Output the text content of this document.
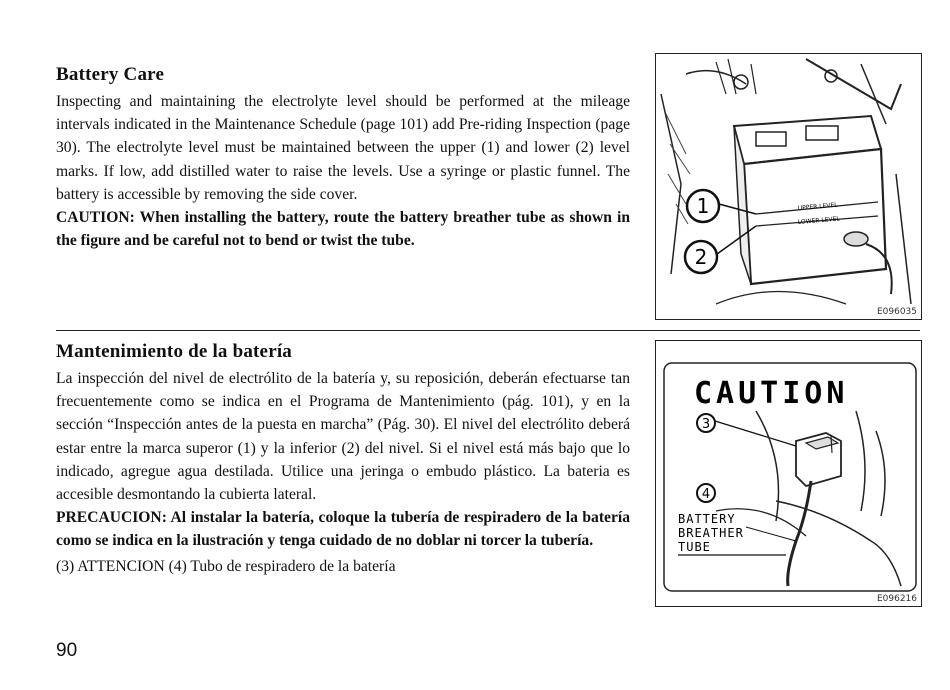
Battery Care

Inspecting and maintaining the electrolyte level should be performed at the mileage intervals indicated in the Maintenance Schedule (page 101) add Pre-riding Inspection (page 30). The electrolyte level must be maintained between the upper (1) and lower (2) level marks. If low, add distilled water to raise the levels. Use a syringe or plastic funnel. The battery is accessible by removing the side cover.

CAUTION: When installing the battery, route the battery breather tube as shown in the figure and be careful not to bend or twist the tube.

UPPER LEVEL
LOWER LEVEL
1
2
E096035
Mantenimiento de la batería

La inspección del nivel de electrólito de la batería y, su reposición, deberán efectuarse tan frecuentemente como se indica en el Programa de Mantenimiento (pág. 101), y en la sección “Inspección antes de la puesta en marcha” (Pág. 30). El nivel del electrólito deberá estar entre la marca superor (1) y la inferior (2) del nivel. Si el nivel está más bajo que lo indicado, agregue agua destilada. Utilice una jeringa o embudo plástico. La bateria es accesible desmontando la cubierta lateral.

PRECAUCION: Al instalar la batería, coloque la tubería de respiradero de la batería como se indica en la ilustración y tenga cuidado de no doblar ni torcer la tubería.

(3) ATTENCION (4) Tubo de respiradero de la batería

CAUTION
3
4
BATTERY
BREATHER
TUBE
E096216
90
